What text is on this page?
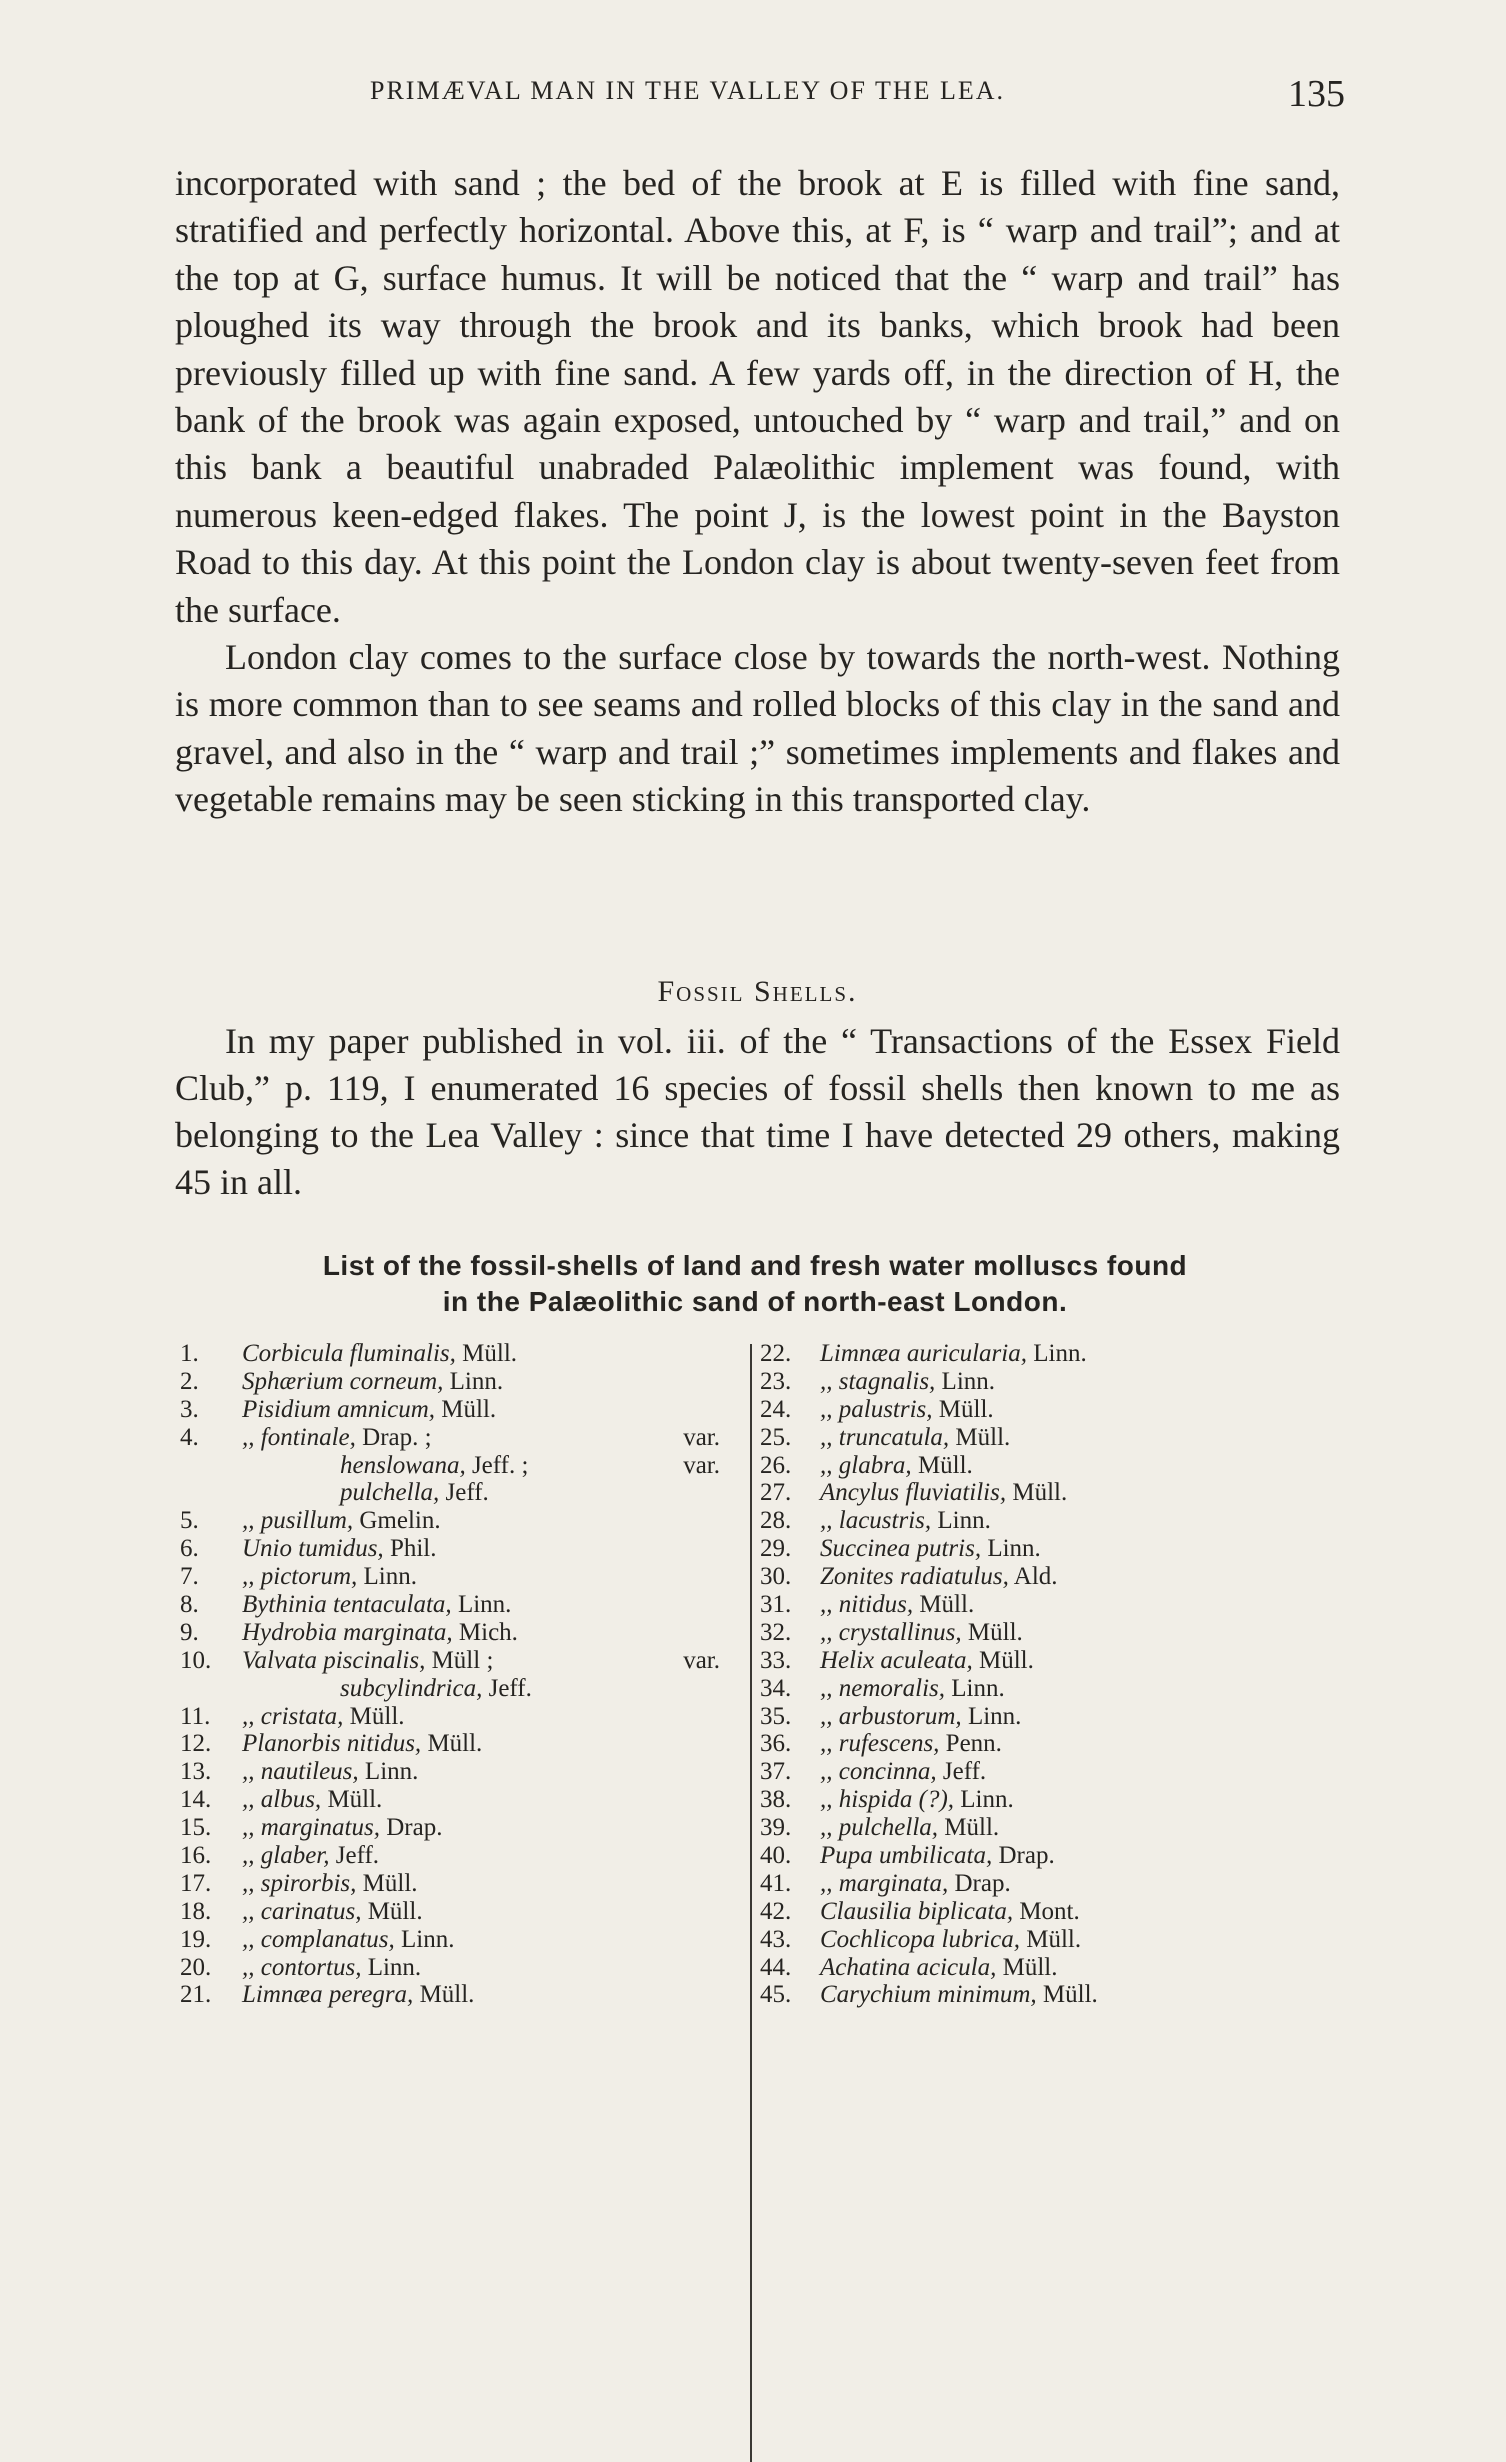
PRIMÆVAL MAN IN THE VALLEY OF THE LEA.	135

incorporated with sand ; the bed of the brook at E is filled with fine sand, stratified and perfectly horizontal. Above this, at F, is “ warp and trail”; and at the top at G, surface humus. It will be noticed that the “ warp and trail” has ploughed its way through the brook and its banks, which brook had been previously filled up with fine sand. A few yards off, in the direction of H, the bank of the brook was again exposed, untouched by “ warp and trail,” and on this bank a beautiful unabraded Palæolithic implement was found, with numerous keen-edged flakes. The point J, is the lowest point in the Bayston Road to this day. At this point the London clay is about twenty-seven feet from the surface.

London clay comes to the surface close by towards the north-west. Nothing is more common than to see seams and rolled blocks of this clay in the sand and gravel, and also in the “ warp and trail ;” sometimes implements and flakes and vegetable remains may be seen sticking in this transported clay.

Fossil Shells.

In my paper published in vol. iii. of the “ Transactions of the Essex Field Club,” p. 119, I enumerated 16 species of fossil shells then known to me as belonging to the Lea Valley : since that time I have detected 29 others, making 45 in all.

List of the fossil-shells of land and fresh water molluscs found
in the Palæolithic sand of north-east London.
1.	Corbicula fluminalis, Müll.
2.	Sphærium corneum, Linn.
3.	Pisidium amnicum, Müll.
4.	,, fontinale, Drap. ;	var.
henslowana, Jeff. ;	var.
pulchella, Jeff.
5.	,, pusillum, Gmelin.
6.	Unio tumidus, Phil.
7.	,, pictorum, Linn.
8.	Bythinia tentaculata, Linn.
9.	Hydrobia marginata, Mich.
10.	Valvata piscinalis, Müll ;	var.
subcylindrica, Jeff.
11.	,, cristata, Müll.
12.	Planorbis nitidus, Müll.
13.	,, nautileus, Linn.
14.	,, albus, Müll.
15.	,, marginatus, Drap.
16.	,, glaber, Jeff.
17.	,, spirorbis, Müll.
18.	,, carinatus, Müll.
19.	,, complanatus, Linn.
20.	,, contortus, Linn.
21.	Limnæa peregra, Müll.
22.	Limnæa auricularia, Linn.
23.	,, stagnalis, Linn.
24.	,, palustris, Müll.
25.	,, truncatula, Müll.
26.	,, glabra, Müll.
27.	Ancylus fluviatilis, Müll.
28.	,, lacustris, Linn.
29.	Succinea putris, Linn.
30.	Zonites radiatulus, Ald.
31.	,, nitidus, Müll.
32.	,, crystallinus, Müll.
33.	Helix aculeata, Müll.
34.	,, nemoralis, Linn.
35.	,, arbustorum, Linn.
36.	,, rufescens, Penn.
37.	,, concinna, Jeff.
38.	,, hispida (?), Linn.
39.	,, pulchella, Müll.
40.	Pupa umbilicata, Drap.
41.	,, marginata, Drap.
42.	Clausilia biplicata, Mont.
43.	Cochlicopa lubrica, Müll.
44.	Achatina acicula, Müll.
45.	Carychium minimum, Müll.
